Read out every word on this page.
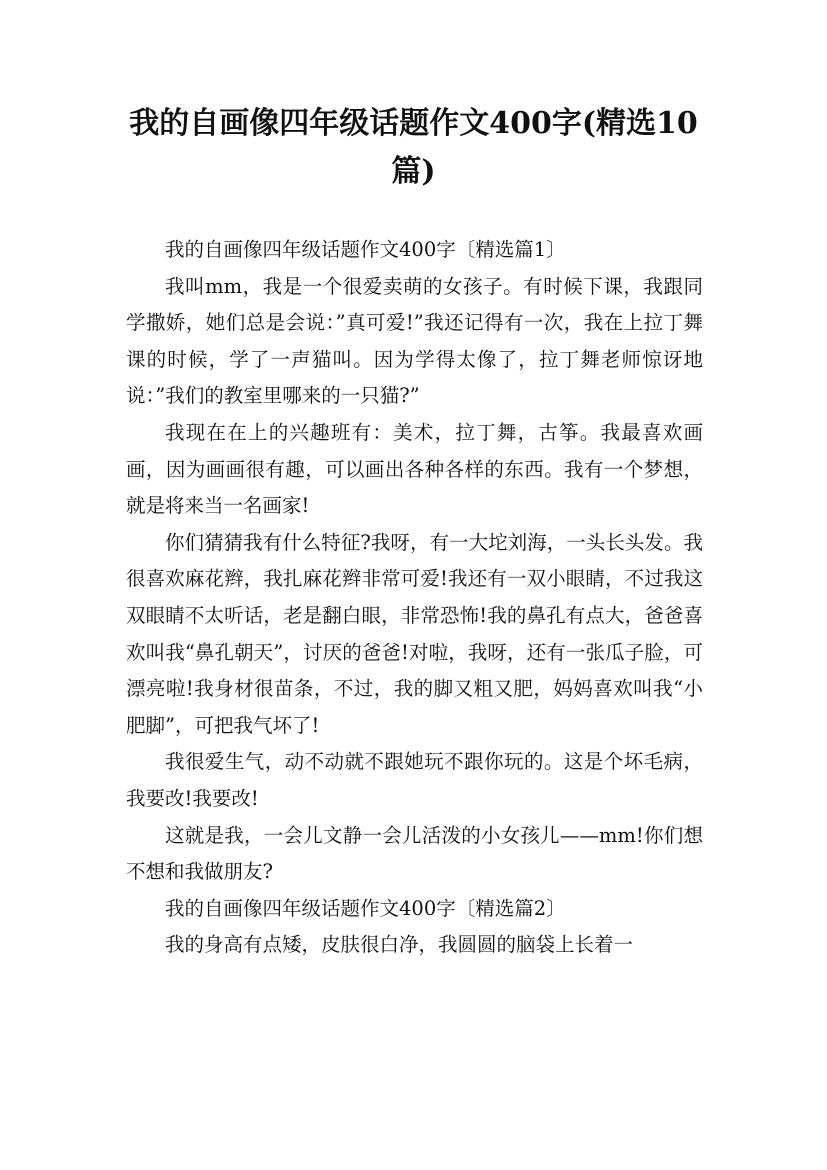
我的自画像四年级话题作文400字(精选10篇)

我的自画像四年级话题作文400字〔精选篇1〕

我叫mm，我是一个很爱卖萌的女孩子。有时候下课，我跟同学撒娇，她们总是会说：”真可爱!”我还记得有一次，我在上拉丁舞课的时候，学了一声猫叫。因为学得太像了，拉丁舞老师惊讶地说：”我们的教室里哪来的一只猫?”

我现在在上的兴趣班有：美术，拉丁舞，古筝。我最喜欢画画，因为画画很有趣，可以画出各种各样的东西。我有一个梦想，就是将来当一名画家!

你们猜猜我有什么特征?我呀，有一大坨刘海，一头长头发。我很喜欢麻花辫，我扎麻花辫非常可爱!我还有一双小眼睛，不过我这双眼睛不太听话，老是翻白眼，非常恐怖!我的鼻孔有点大，爸爸喜欢叫我“鼻孔朝天”，讨厌的爸爸!对啦，我呀，还有一张瓜子脸，可漂亮啦!我身材很苗条，不过，我的脚又粗又肥，妈妈喜欢叫我“小肥脚”，可把我气坏了!

我很爱生气，动不动就不跟她玩不跟你玩的。这是个坏毛病，我要改!我要改!

这就是我，一会儿文静一会儿活泼的小女孩儿——mm!你们想不想和我做朋友?

我的自画像四年级话题作文400字〔精选篇2〕

我的身高有点矮，皮肤很白净，我圆圆的脑袋上长着一
